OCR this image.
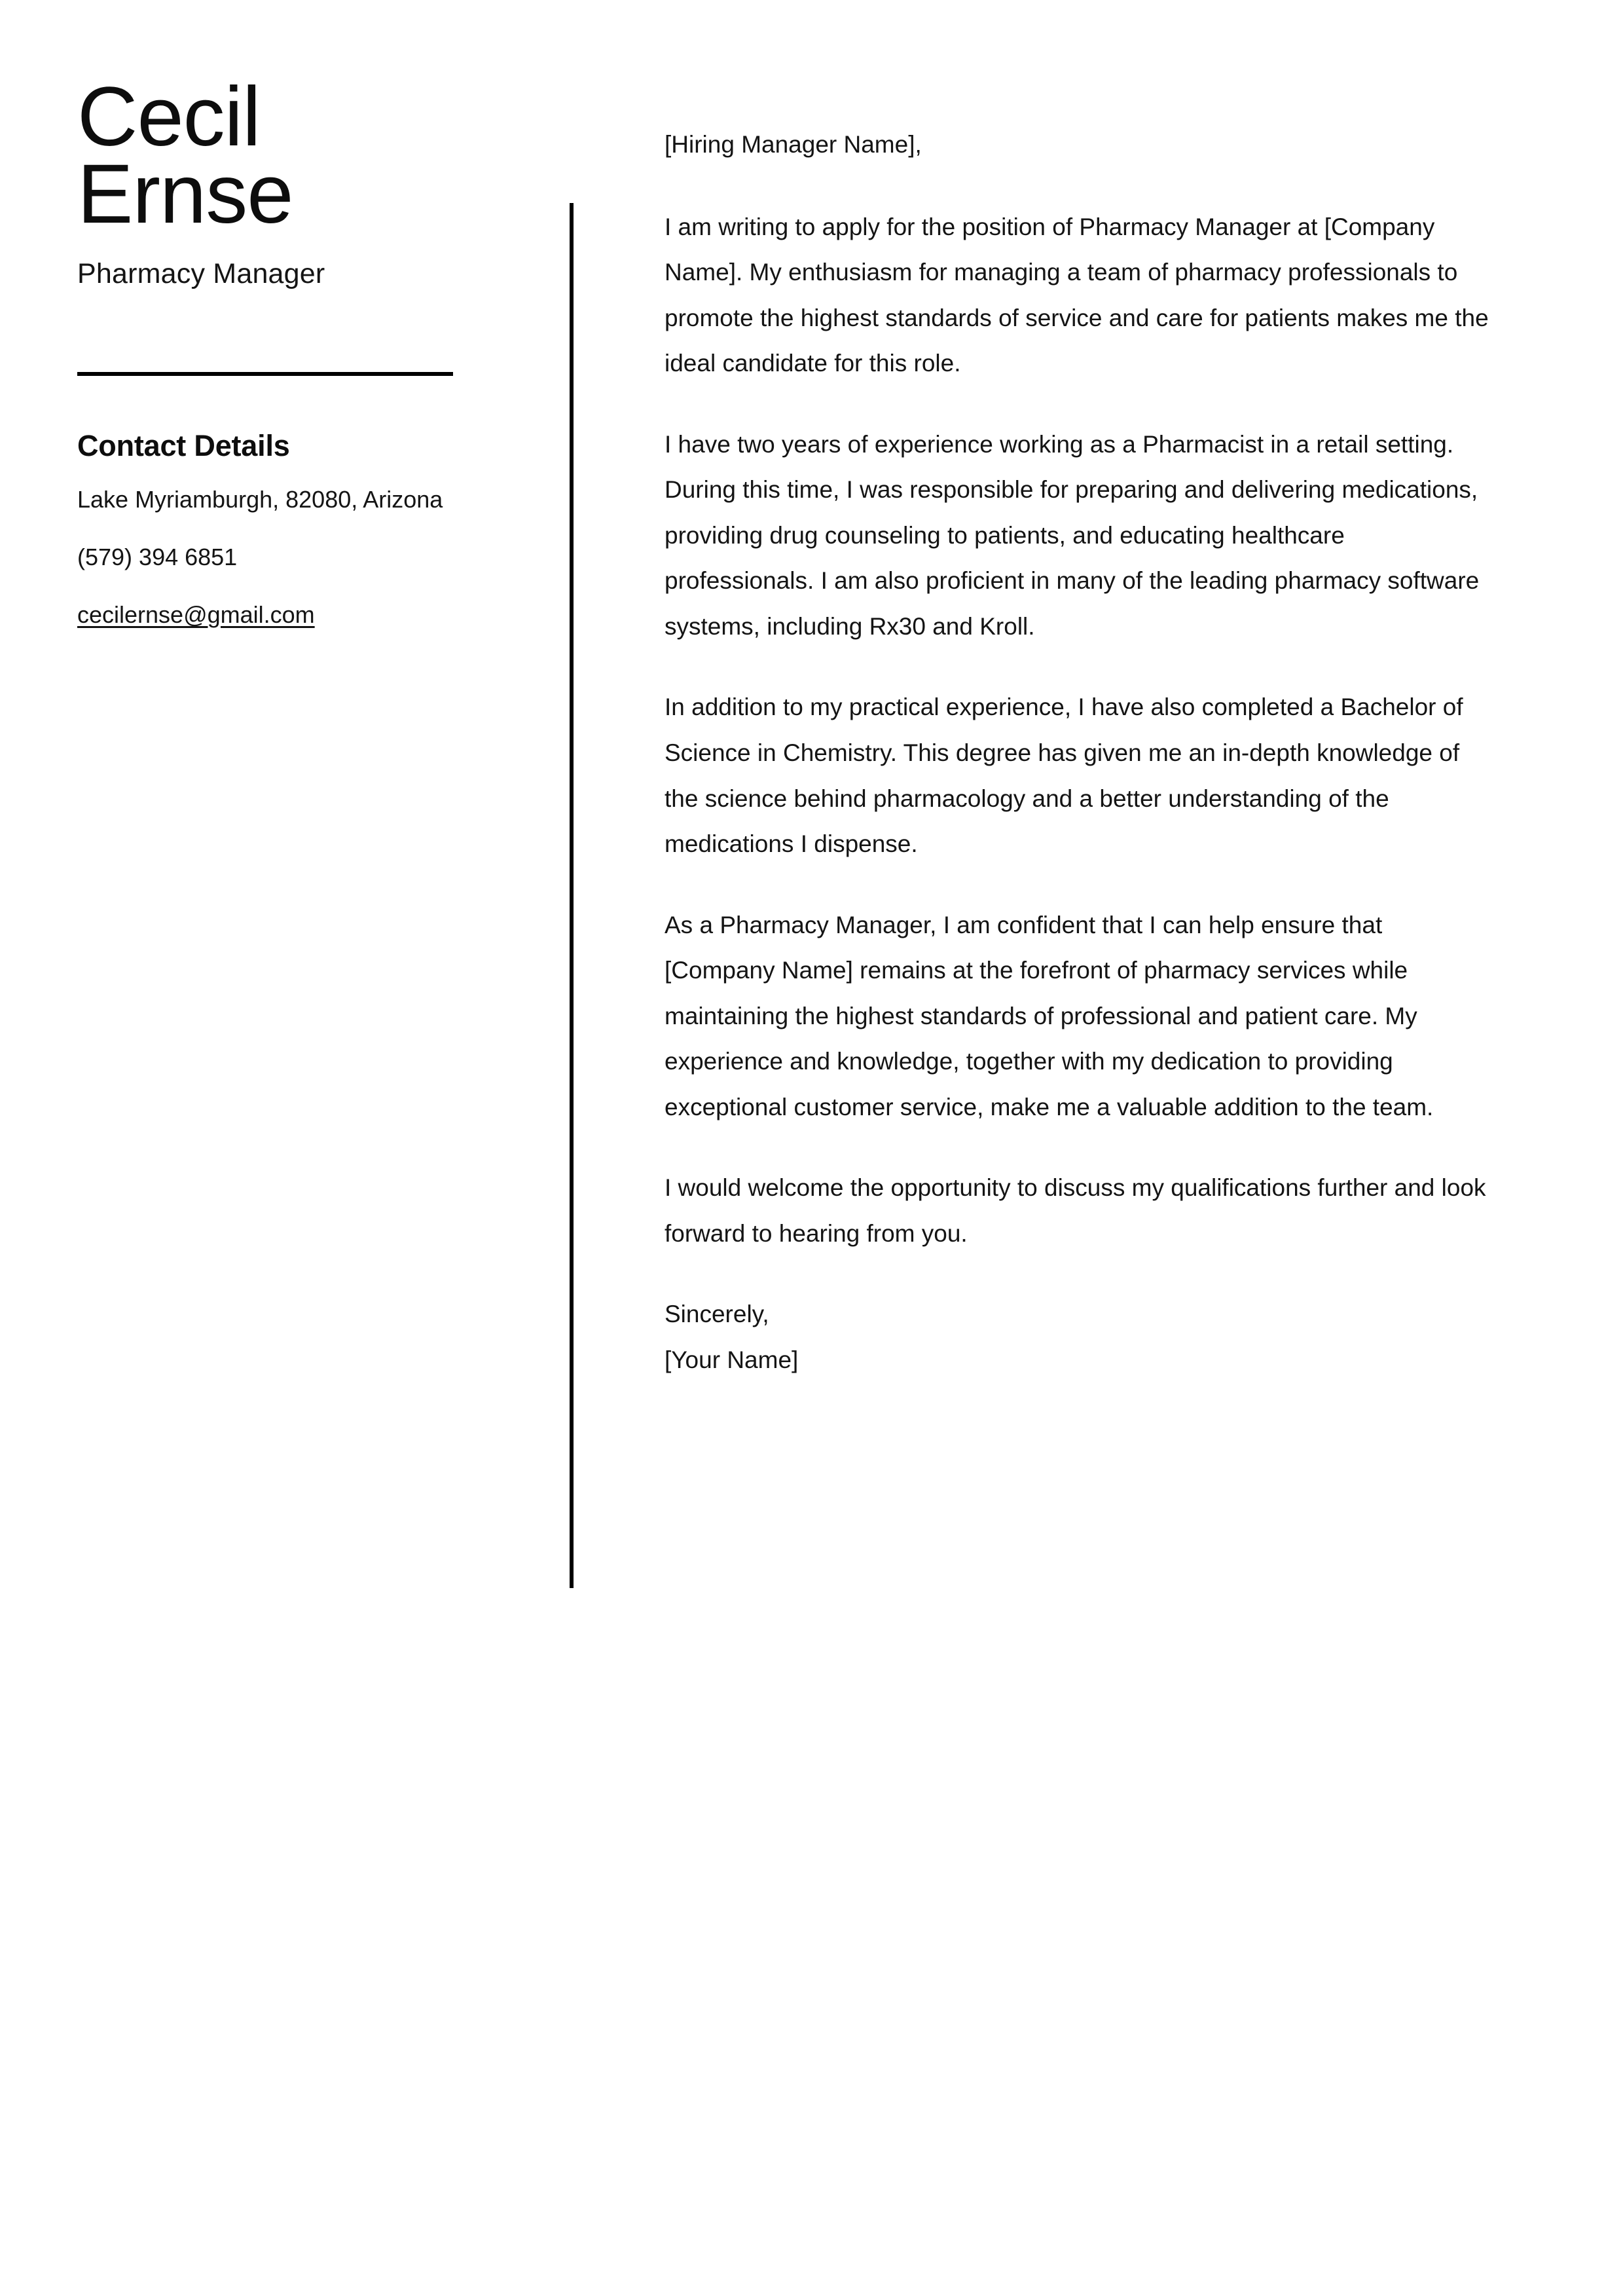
Cecil
Ernse
Pharmacy Manager
Contact Details
Lake Myriamburgh, 82080, Arizona
(579) 394 6851
cecilernse@gmail.com

[Hiring Manager Name],

I am writing to apply for the position of Pharmacy Manager at [Company Name]. My enthusiasm for managing a team of pharmacy professionals to promote the highest standards of service and care for patients makes me the ideal candidate for this role.

I have two years of experience working as a Pharmacist in a retail setting. During this time, I was responsible for preparing and delivering medications, providing drug counseling to patients, and educating healthcare professionals. I am also proficient in many of the leading pharmacy software systems, including Rx30 and Kroll.

In addition to my practical experience, I have also completed a Bachelor of Science in Chemistry. This degree has given me an in-depth knowledge of the science behind pharmacology and a better understanding of the medications I dispense.

As a Pharmacy Manager, I am confident that I can help ensure that [Company Name] remains at the forefront of pharmacy services while maintaining the highest standards of professional and patient care. My experience and knowledge, together with my dedication to providing exceptional customer service, make me a valuable addition to the team.

I would welcome the opportunity to discuss my qualifications further and look forward to hearing from you.

Sincerely,
[Your Name]
